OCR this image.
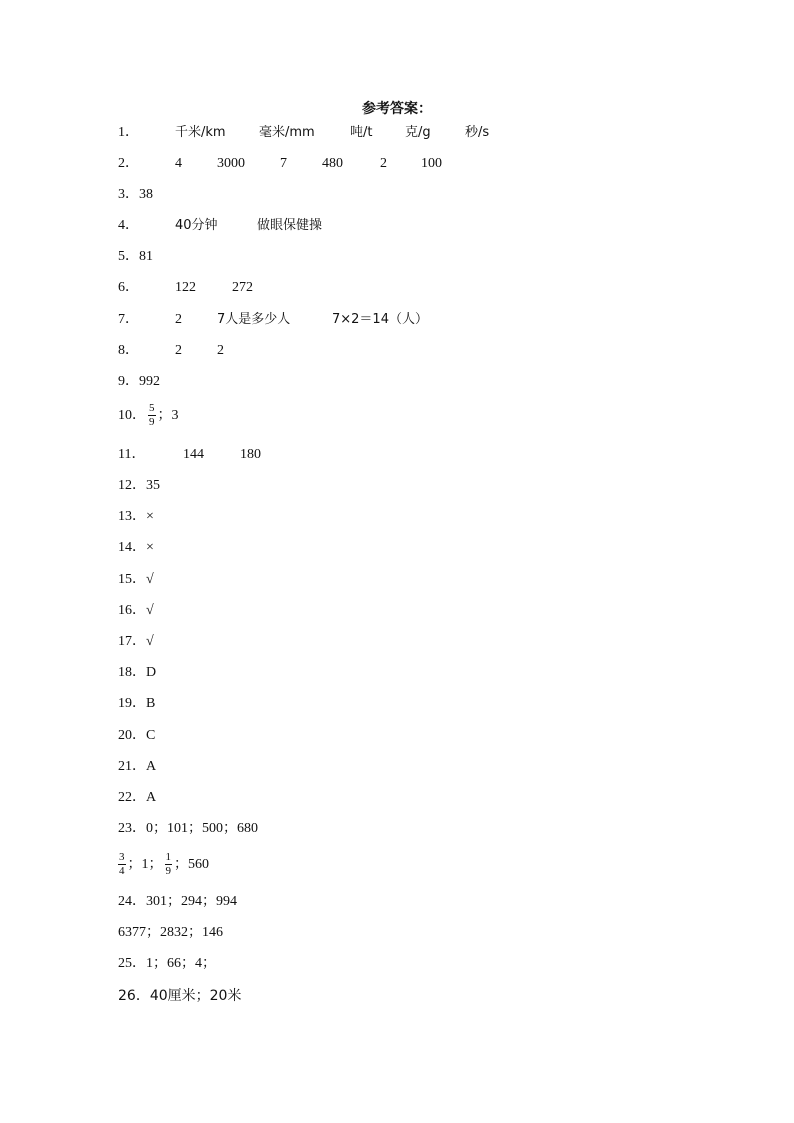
参考答案：
1．	千米/km	毫米/mm	吨/t	克/g	秒/s
2．	4	3000	7	480	2 100
3．38
4．	40分钟	做眼保健操
5．81
6．	122	272
7．	2	7人是多少人	7×2＝14（人）
8．	2	2
9．992
10． $\frac{5}{9}$ ；3
11．	144	180
12．35
13．×
14．×
15．√
16．√
17．√
18．D
19．B
20．C
21．A
22．A
23．0；101；500；680
$\frac{3}{4}$ ；1； $\frac{1}{9}$ ；560
24．301；294；994
6377；2832；146
25．1；66；4；
26．40厘米；20米
